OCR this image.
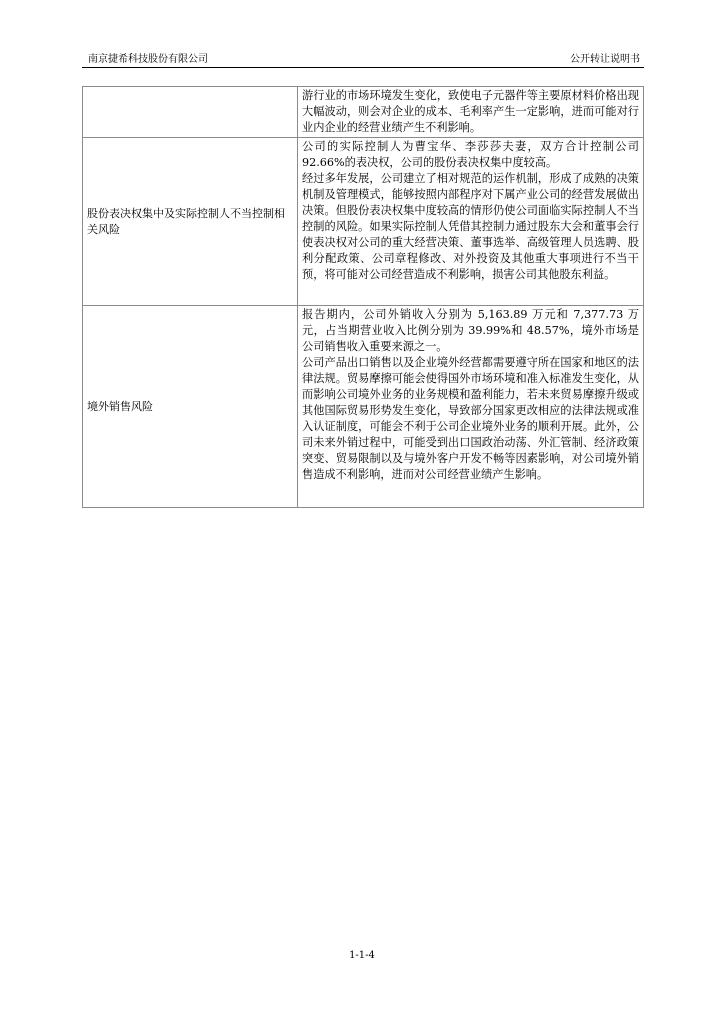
南京捷希科技股份有限公司	公开转让说明书

	游行业的市场环境发生变化，致使电子元器件等主要原材料价格出现大幅波动，则会对企业的成本、毛利率产生一定影响，进而可能对行业内企业的经营业绩产生不利影响。

股份表决权集中及实际控制人不当控制相关风险	公司的实际控制人为曹宝华、李莎莎夫妻，双方合计控制公司 92.66%的表决权，公司的股份表决权集中度较高。

经过多年发展，公司建立了相对规范的运作机制，形成了成熟的决策机制及管理模式，能够按照内部程序对下属产业公司的经营发展做出决策。但股份表决权集中度较高的情形仍使公司面临实际控制人不当控制的风险。如果实际控制人凭借其控制力通过股东大会和董事会行使表决权对公司的重大经营决策、董事选举、高级管理人员选聘、股利分配政策、公司章程修改、对外投资及其他重大事项进行不当干预，将可能对公司经营造成不利影响，损害公司其他股东利益。

境外销售风险	报告期内，公司外销收入分别为 5,163.89 万元和 7,377.73 万元，占当期营业收入比例分别为 39.99%和 48.57%，境外市场是公司销售收入重要来源之一。

公司产品出口销售以及企业境外经营都需要遵守所在国家和地区的法律法规。贸易摩擦可能会使得国外市场环境和准入标准发生变化，从而影响公司境外业务的业务规模和盈利能力，若未来贸易摩擦升级或其他国际贸易形势发生变化，导致部分国家更改相应的法律法规或准入认证制度，可能会不利于公司企业境外业务的顺利开展。此外，公司未来外销过程中，可能受到出口国政治动荡、外汇管制、经济政策突变、贸易限制以及与境外客户开发不畅等因素影响，对公司境外销售造成不利影响，进而对公司经营业绩产生影响。

1-1-4
